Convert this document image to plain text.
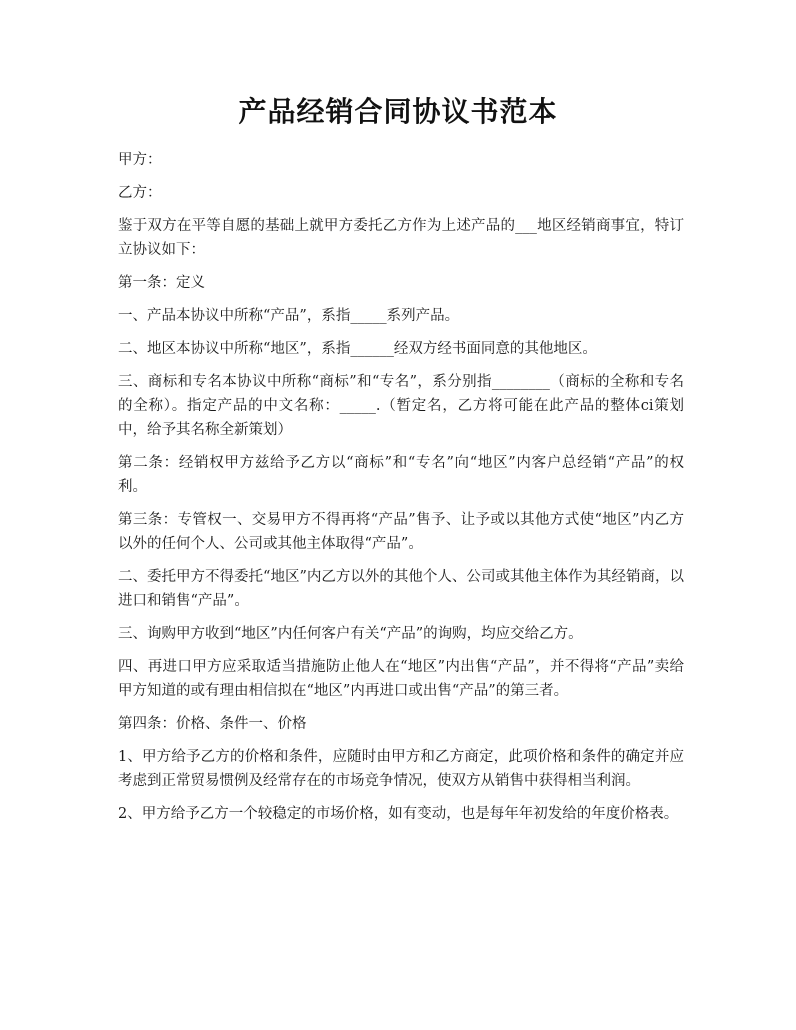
产品经销合同协议书范本

甲方：

乙方：

鉴于双方在平等自愿的基础上就甲方委托乙方作为上述产品的___地区经销商事宜，特订立协议如下：

第一条：定义

一、产品本协议中所称“产品”，系指_____系列产品。

二、地区本协议中所称“地区”，系指______经双方经书面同意的其他地区。

三、商标和专名本协议中所称“商标”和“专名”，系分别指________（商标的全称和专名的全称）。指定产品的中文名称：_____.（暂定名，乙方将可能在此产品的整体ci策划中，给予其名称全新策划）

第二条：经销权甲方兹给予乙方以“商标”和“专名”向“地区”内客户总经销“产品”的权利。

第三条：专管权一、交易甲方不得再将“产品”售予、让予或以其他方式使“地区”内乙方以外的任何个人、公司或其他主体取得“产品”。

二、委托甲方不得委托“地区”内乙方以外的其他个人、公司或其他主体作为其经销商，以进口和销售“产品”。

三、询购甲方收到“地区”内任何客户有关“产品”的询购，均应交给乙方。

四、再进口甲方应采取适当措施防止他人在“地区”内出售“产品”，并不得将“产品”卖给甲方知道的或有理由相信拟在“地区”内再进口或出售“产品”的第三者。

第四条：价格、条件一、价格

1、甲方给予乙方的价格和条件，应随时由甲方和乙方商定，此项价格和条件的确定并应考虑到正常贸易惯例及经常存在的市场竞争情况，使双方从销售中获得相当利润。

2、甲方给予乙方一个较稳定的市场价格，如有变动，也是每年年初发给的年度价格表。
